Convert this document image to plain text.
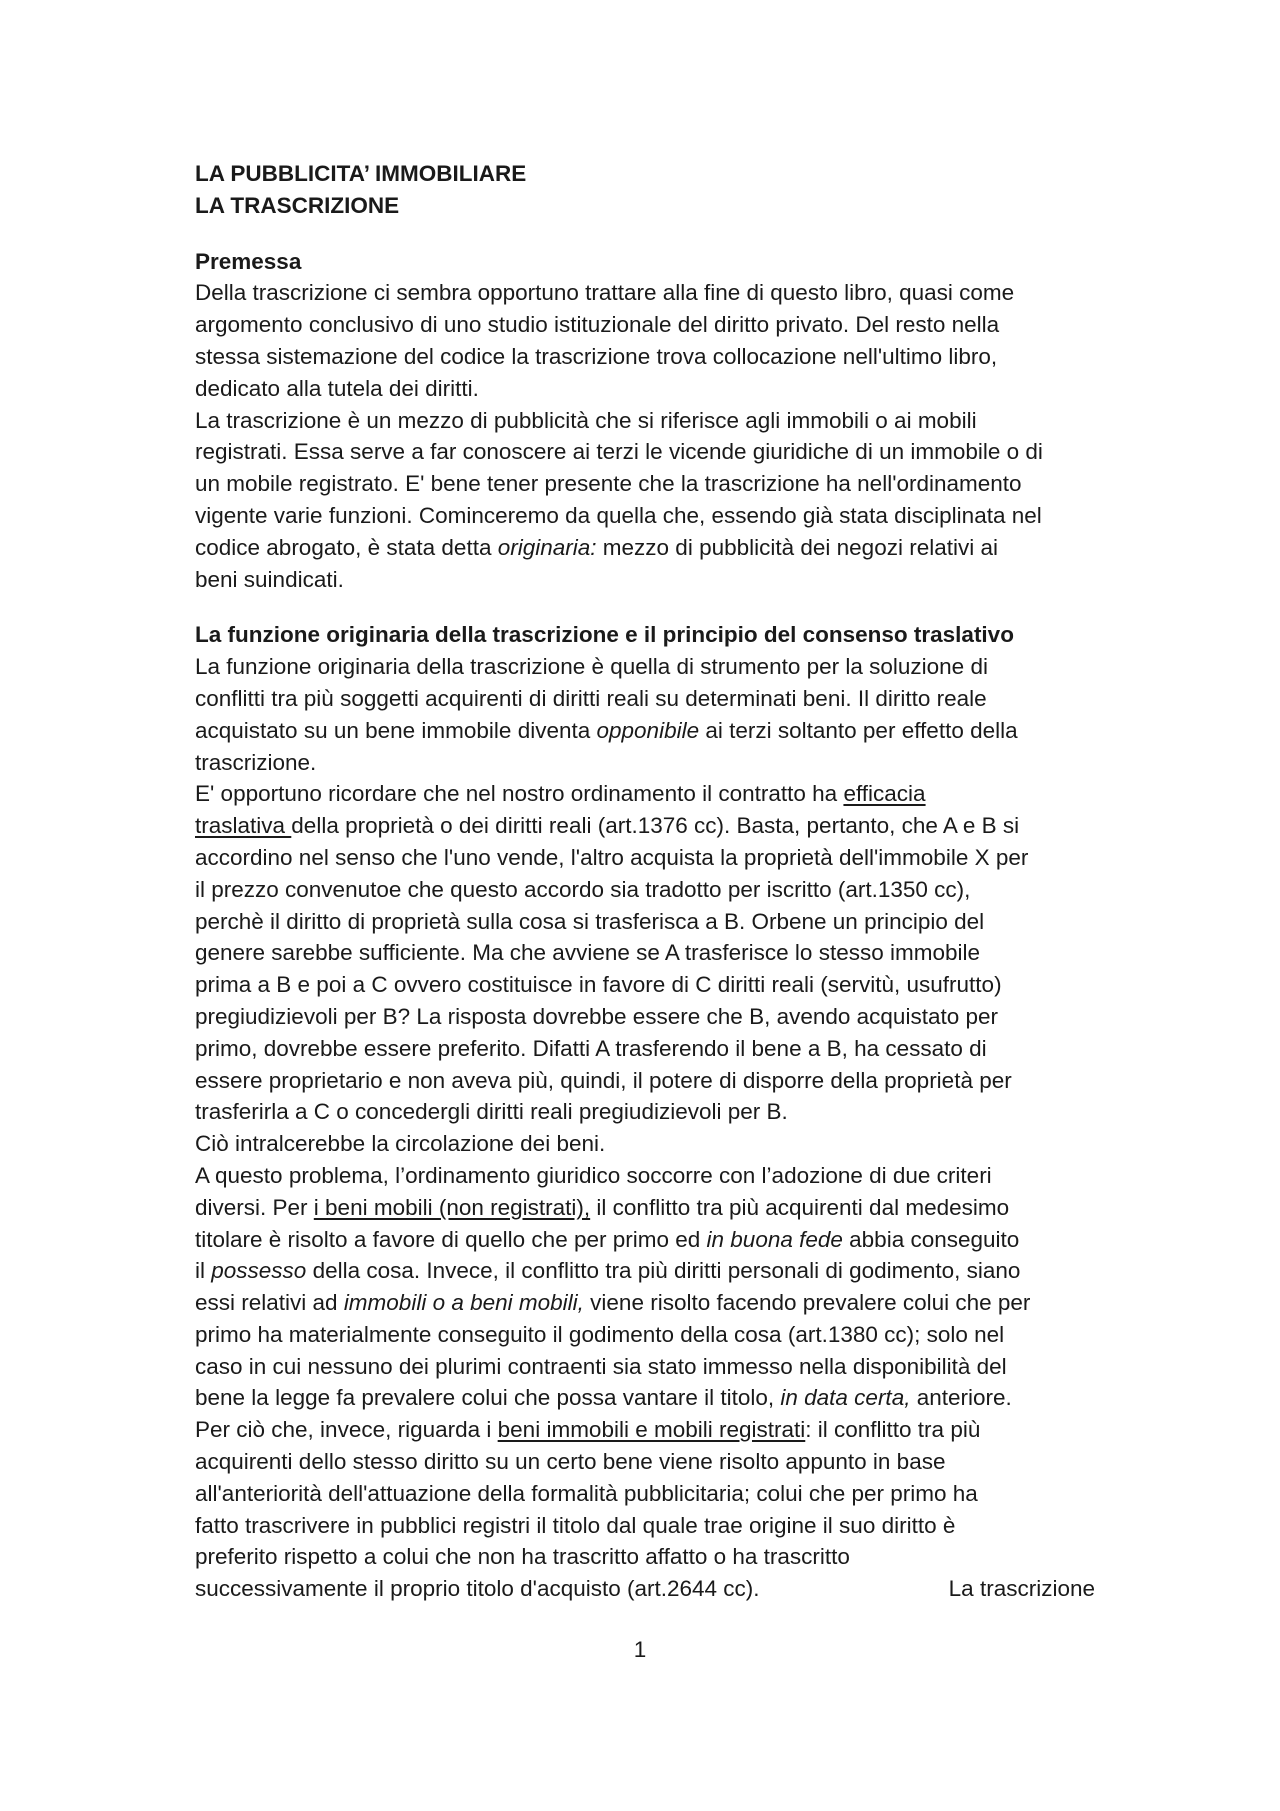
LA PUBBLICITA’ IMMOBILIARE
LA TRASCRIZIONE
Premessa
Della trascrizione ci sembra opportuno trattare alla fine di questo libro, quasi come
argomento conclusivo di uno studio istituzionale del diritto privato. Del resto nella
stessa sistemazione del codice la trascrizione trova collocazione nell'ultimo libro,
dedicato alla tutela dei diritti.
La trascrizione è un mezzo di pubblicità che si riferisce agli immobili o ai mobili
registrati. Essa serve a far conoscere ai terzi le vicende giuridiche di un immobile o di
un mobile registrato. E' bene tener presente che la trascrizione ha nell'ordinamento
vigente varie funzioni. Cominceremo da quella che, essendo già stata disciplinata nel
codice abrogato, è stata detta originaria: mezzo di pubblicità dei negozi relativi ai
beni suindicati.
La funzione originaria della trascrizione e il principio del consenso traslativo
La funzione originaria della trascrizione è quella di strumento per la soluzione di
conflitti tra più soggetti acquirenti di diritti reali su determinati beni. Il diritto reale
acquistato su un bene immobile diventa opponibile ai terzi soltanto per effetto della
trascrizione.
E' opportuno ricordare che nel nostro ordinamento il contratto ha efficacia
traslativa della proprietà o dei diritti reali (art.1376 cc). Basta, pertanto, che A e B si
accordino nel senso che l'uno vende, l'altro acquista la proprietà dell'immobile X per
il prezzo convenutoe che questo accordo sia tradotto per iscritto (art.1350 cc),
perchè il diritto di proprietà sulla cosa si trasferisca a B. Orbene un principio del
genere sarebbe sufficiente. Ma che avviene se A trasferisce lo stesso immobile
prima a B e poi a C ovvero costituisce in favore di C diritti reali (servitù, usufrutto)
pregiudizievoli per B? La risposta dovrebbe essere che B, avendo acquistato per
primo, dovrebbe essere preferito. Difatti A trasferendo il bene a B, ha cessato di
essere proprietario e non aveva più, quindi, il potere di disporre della proprietà per
trasferirla a C o concedergli diritti reali pregiudizievoli per B.
Ciò intralcerebbe la circolazione dei beni.
A questo problema, l’ordinamento giuridico soccorre con l’adozione di due criteri
diversi. Per i beni mobili (non registrati), il conflitto tra più acquirenti dal medesimo
titolare è risolto a favore di quello che per primo ed in buona fede abbia conseguito
il possesso della cosa. Invece, il conflitto tra più diritti personali di godimento, siano
essi relativi ad immobili o a beni mobili, viene risolto facendo prevalere colui che per
primo ha materialmente conseguito il godimento della cosa (art.1380 cc); solo nel
caso in cui nessuno dei plurimi contraenti sia stato immesso nella disponibilità del
bene la legge fa prevalere colui che possa vantare il titolo, in data certa, anteriore.
Per ciò che, invece, riguarda i beni immobili e mobili registrati: il conflitto tra più
acquirenti dello stesso diritto su un certo bene viene risolto appunto in base
all'anteriorità dell'attuazione della formalità pubblicitaria; colui che per primo ha
fatto trascrivere in pubblici registri il titolo dal quale trae origine il suo diritto è
preferito rispetto a colui che non ha trascritto affatto o ha trascritto
successivamente il proprio titolo d'acquisto (art.2644 cc).	La trascrizione
1
